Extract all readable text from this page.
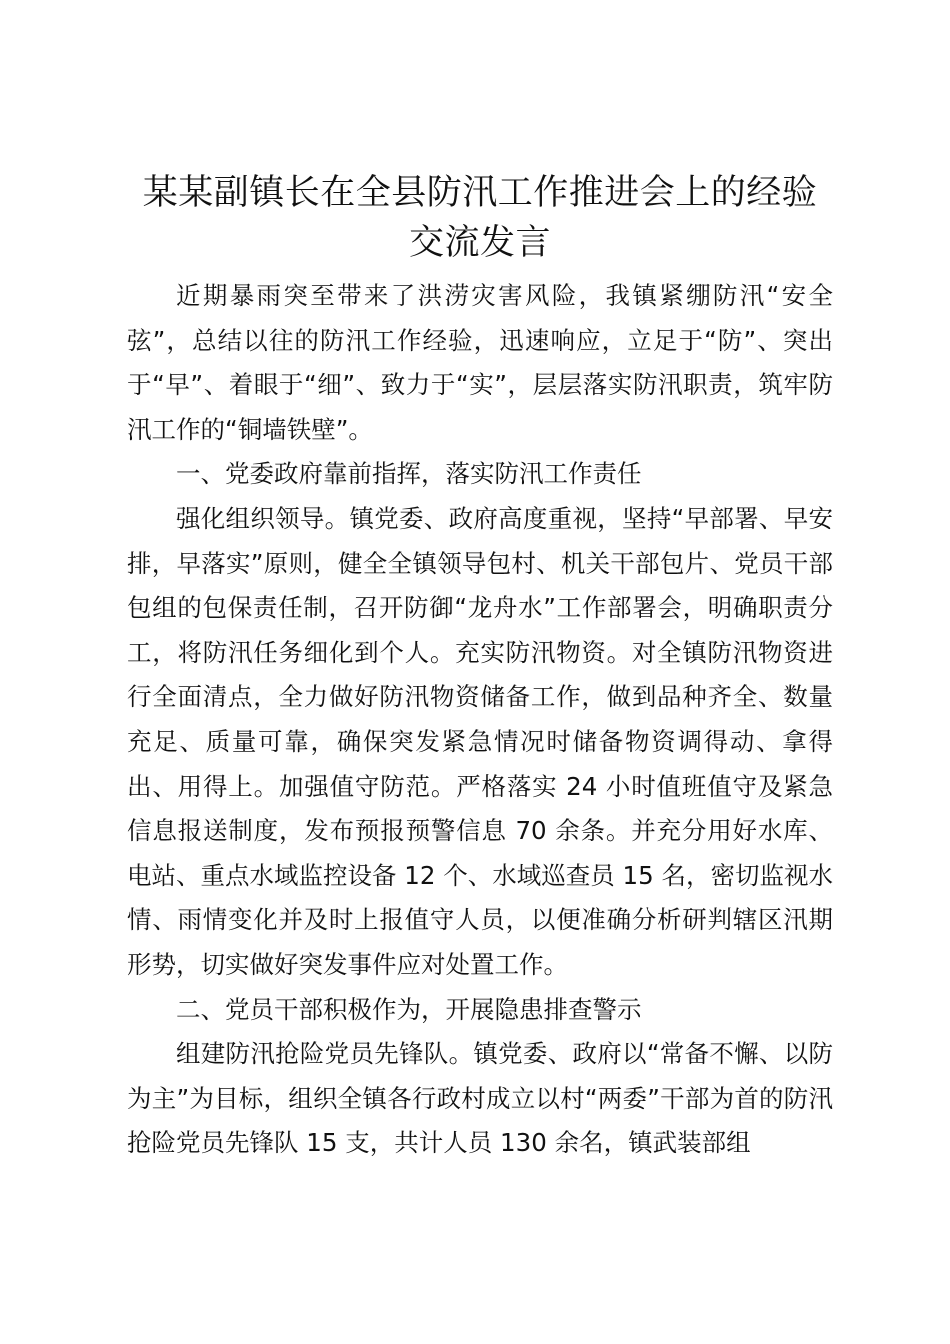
某某副镇长在全县防汛工作推进会上的经验交流发言

近期暴雨突至带来了洪涝灾害风险，我镇紧绷防汛“安全弦”，总结以往的防汛工作经验，迅速响应，立足于“防”、突出于“早”、着眼于“细”、致力于“实”，层层落实防汛职责，筑牢防汛工作的“铜墙铁壁”。

一、党委政府靠前指挥，落实防汛工作责任

强化组织领导。镇党委、政府高度重视，坚持“早部署、早安排，早落实”原则，健全全镇领导包村、机关干部包片、党员干部包组的包保责任制，召开防御“龙舟水”工作部署会，明确职责分工，将防汛任务细化到个人。充实防汛物资。对全镇防汛物资进行全面清点，全力做好防汛物资储备工作，做到品种齐全、数量充足、质量可靠，确保突发紧急情况时储备物资调得动、拿得出、用得上。加强值守防范。严格落实 24 小时值班值守及紧急信息报送制度，发布预报预警信息 70 余条。并充分用好水库、电站、重点水域监控设备 12 个、水域巡查员 15 名，密切监视水情、雨情变化并及时上报值守人员，以便准确分析研判辖区汛期形势，切实做好突发事件应对处置工作。

二、党员干部积极作为，开展隐患排查警示

组建防汛抢险党员先锋队。镇党委、政府以“常备不懈、以防为主”为目标，组织全镇各行政村成立以村“两委”干部为首的防汛抢险党员先锋队 15 支，共计人员 130 余名，镇武装部组
